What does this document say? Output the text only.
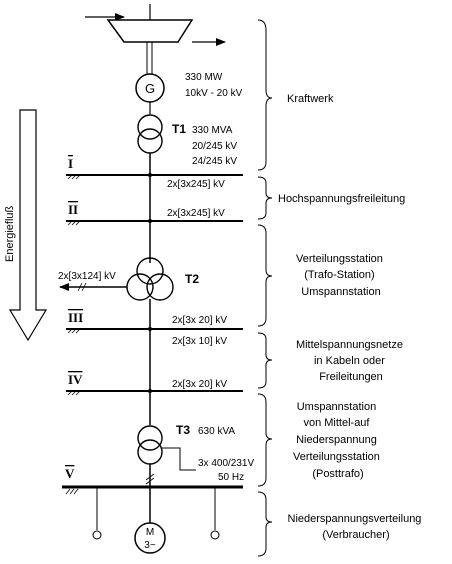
G
330 MW
10kV - 20 kV
T1 330 MVA
20/245 kV
24/245 kV
I
2x[3x245] kV
II	2x[3x245] kV
T2
2x[3x124] kV
III	2x[3x 20] kV
2x[3x 10] kV
IV	2x[3x 20] kV
T3 630 kVA
3x 400/231V
50 Hz
V
M
3~
Energiefluß
Kraftwerk
Hochspannungsfreileitung
Verteilungsstation (Trafo-Station) Umspannstation
Mittelspannungsnetze in Kabeln oder Freileitungen
Umspannstation von Mittel-auf Niederspannung Verteilungsstation (Posttrafo)
Niederspannungsverteilung (Verbraucher)
